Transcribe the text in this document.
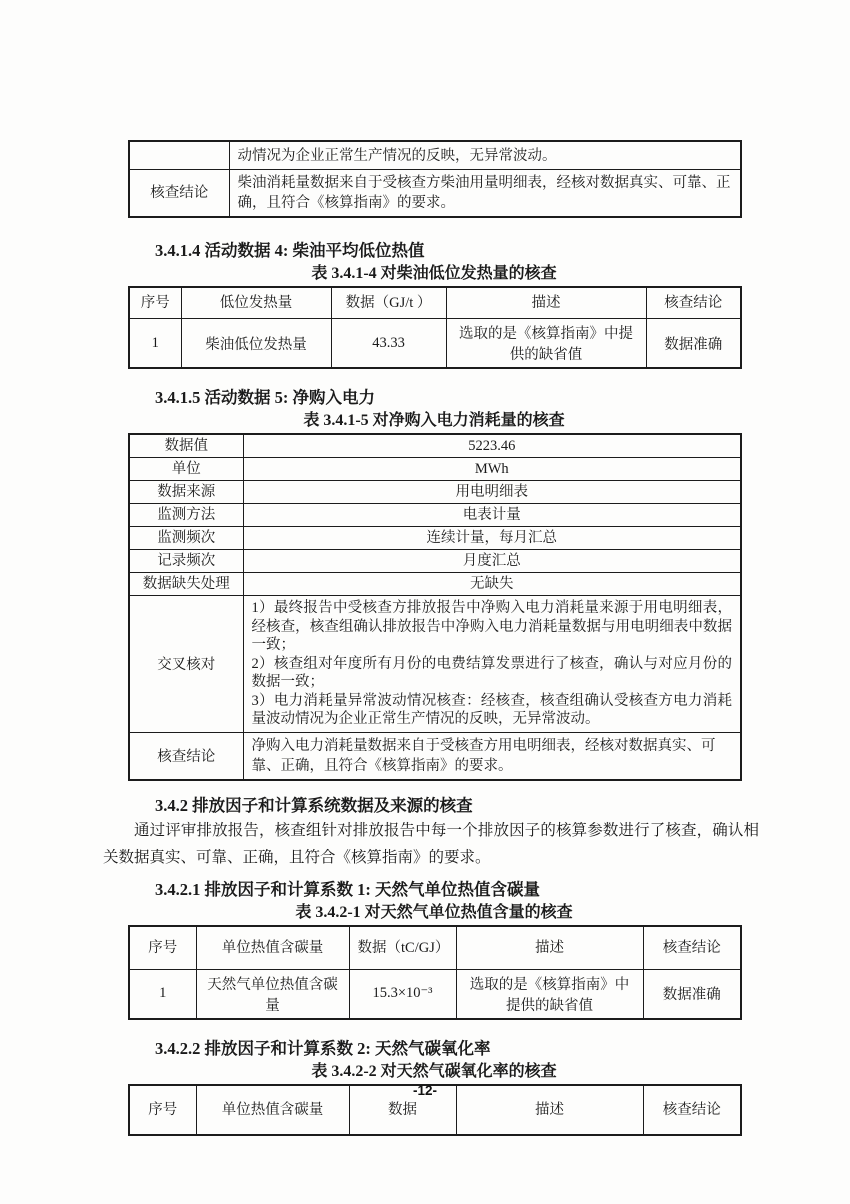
	动情况为企业正常生产情况的反映，无异常波动。
核查结论	柴油消耗量数据来自于受核查方柴油用量明细表，经核对数据真实、可靠、正确，且符合《核算指南》的要求。
3.4.1.4 活动数据 4: 柴油平均低位热值
表 3.4.1-4 对柴油低位发热量的核查
序号	低位发热量	数据（GJ/t ）	描述	核查结论
1	柴油低位发热量	43.33	选取的是《核算指南》中提供的缺省值	数据准确
3.4.1.5 活动数据 5: 净购入电力
表 3.4.1-5 对净购入电力消耗量的核查
数据值	5223.46
单位	MWh
数据来源	用电明细表
监测方法	电表计量
监测频次	连续计量，每月汇总
记录频次	月度汇总
数据缺失处理	无缺失
交叉核对	1）最终报告中受核查方排放报告中净购入电力消耗量来源于用电明细表，经核查，核查组确认排放报告中净购入电力消耗量数据与用电明细表中数据一致；
2）核查组对年度所有月份的电费结算发票进行了核查，确认与对应月份的数据一致；
3）电力消耗量异常波动情况核查：经核查，核查组确认受核查方电力消耗量波动情况为企业正常生产情况的反映，无异常波动。

核查结论	净购入电力消耗量数据来自于受核查方用电明细表，经核对数据真实、可靠、正确，且符合《核算指南》的要求。
3.4.2 排放因子和计算系统数据及来源的核查
通过评审排放报告，核查组针对排放报告中每一个排放因子的核算参数进行了核查，确认相关数据真实、可靠、正确，且符合《核算指南》的要求。
3.4.2.1 排放因子和计算系数 1: 天然气单位热值含碳量
表 3.4.2-1 对天然气单位热值含量的核查
序号	单位热值含碳量	数据（tC/GJ）	描述	核查结论
1	天然气单位热值含碳量	15.3×10⁻³	选取的是《核算指南》中提供的缺省值	数据准确
3.4.2.2 排放因子和计算系数 2: 天然气碳氧化率
表 3.4.2-2 对天然气碳氧化率的核查
序号	单位热值含碳量	数据	描述	核查结论
-12-
